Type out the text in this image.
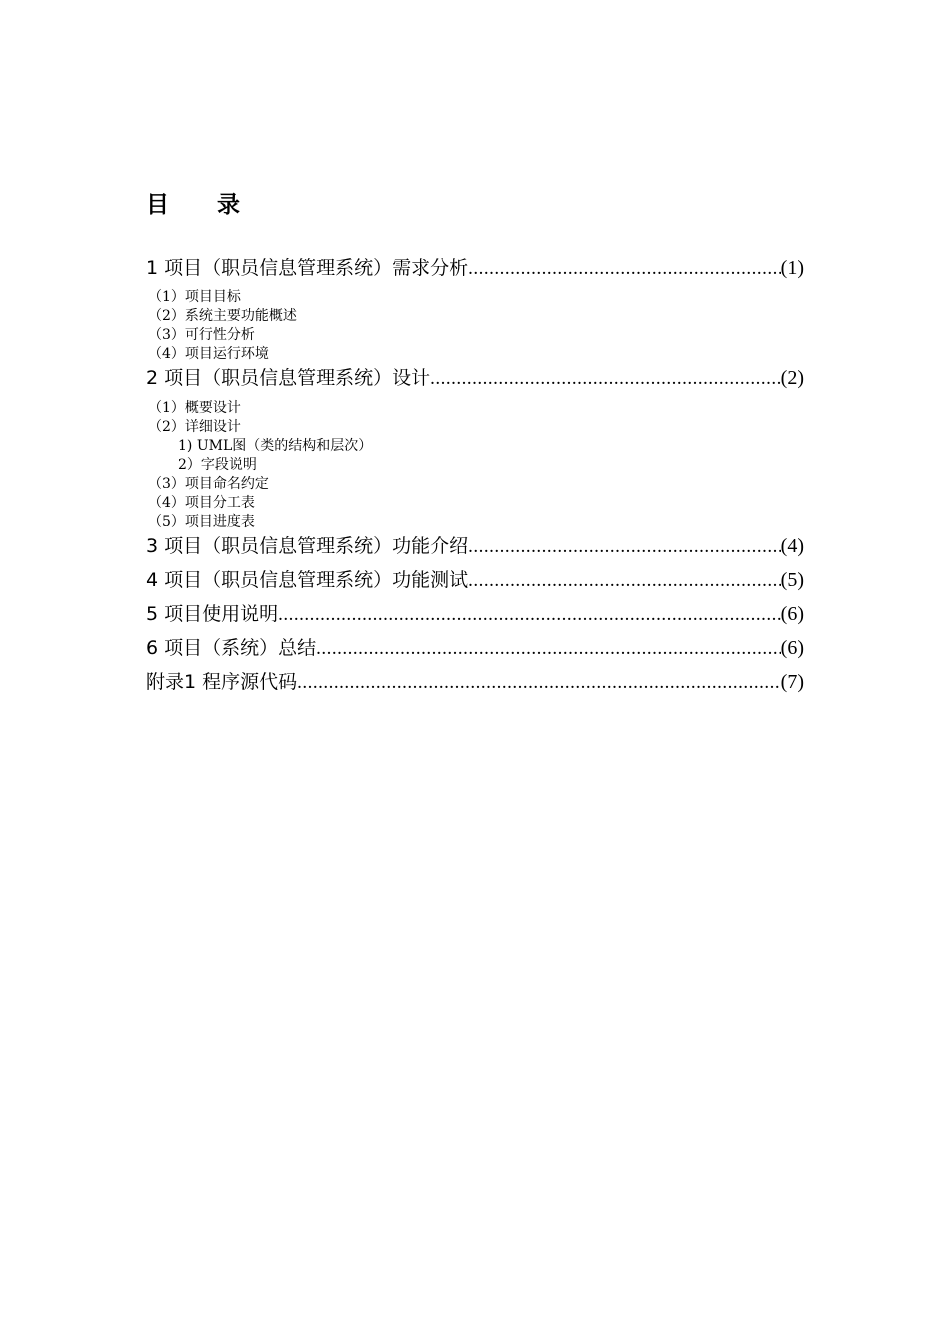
目 录
1 项目（职员信息管理系统）需求分析 .....	(1)
（1）项目目标
（2）系统主要功能概述
（3）可行性分析
（4）项目运行环境
2 项目（职员信息管理系统）设计 .....	(2)
（1）概要设计
（2）详细设计
1) UML图（类的结构和层次）
2）字段说明
（3）项目命名约定
（4）项目分工表
（5）项目进度表
3 项目（职员信息管理系统）功能介绍 .....	(4)
4 项目（职员信息管理系统）功能测试 .....	(5)
5 项目使用说明 .....	(6)
6 项目（系统）总结 .....	(6)
附录1 程序源代码 .....	(7)
